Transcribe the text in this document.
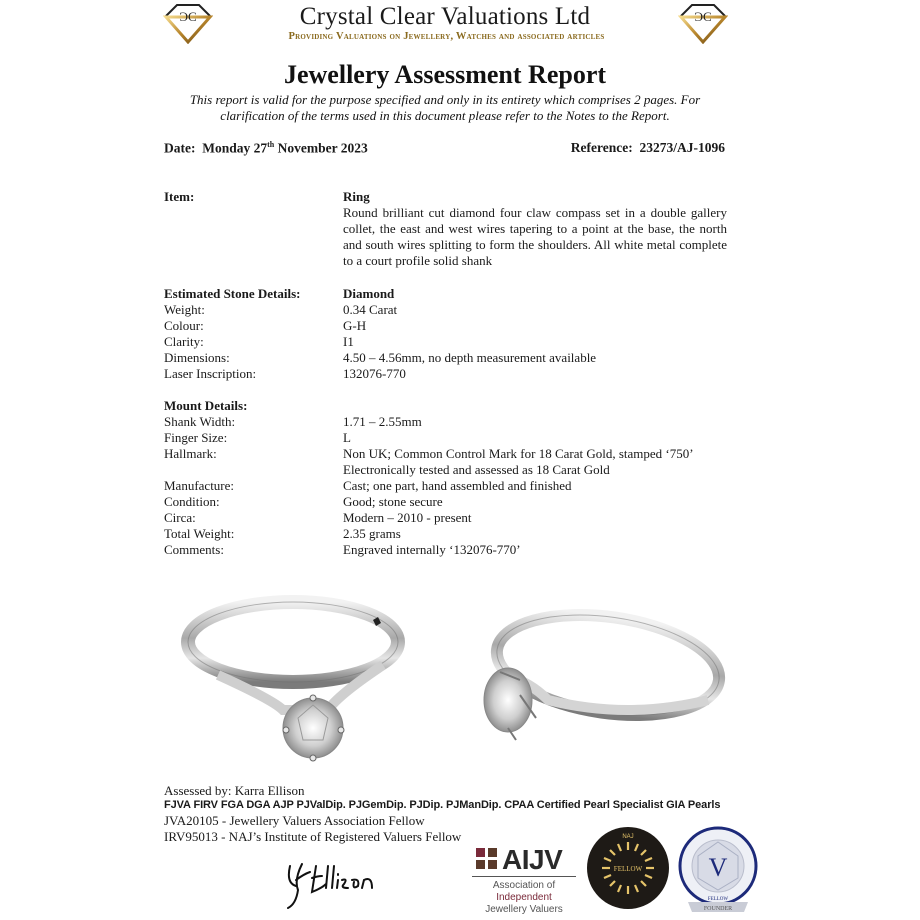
ƆC	ƆC
Crystal Clear Valuations Ltd
Providing Valuations on Jewellery, Watches and associated articles
Jewellery Assessment Report
This report is valid for the purpose specified and only in its entirety which comprises 2 pages. For clarification of the terms used in this document please refer to the Notes to the Report.
Date: Monday 27th November 2023	Reference: 23273/AJ-1096
Item:	Ring
Round brilliant cut diamond four claw compass set in a double gallery collet, the east and west wires tapering to a point at the base, the north and south wires splitting to form the shoulders. All white metal complete to a court profile solid shank
Estimated Stone Details:	Diamond
Weight:	0.34 Carat
Colour:	G-H
Clarity:	I1
Dimensions:	4.50 – 4.56mm, no depth measurement available
Laser Inscription:	132076-770
Mount Details:
Shank Width:	1.71 – 2.55mm
Finger Size:	L
Hallmark:	Non UK; Common Control Mark for 18 Carat Gold, stamped ‘750’
Electronically tested and assessed as 18 Carat Gold
Manufacture:	Cast; one part, hand assembled and finished
Condition:	Good; stone secure
Circa:	Modern – 2010 - present
Total Weight:	2.35 grams
Comments:	Engraved internally ‘132076-770’
Assessed by: Karra Ellison
FJVA FIRV FGA DGA AJP PJValDip. PJGemDip. PJDip. PJManDip. CPAA Certified Pearl Specialist GIA Pearls
JVA20105 - Jewellery Valuers Association Fellow
IRV95013 - NAJ’s Institute of Registered Valuers Fellow
AIJV
Association of
Independent
Jewellery Valuers
NAJ
FELLOW	V
FELLOW
FOUNDER
